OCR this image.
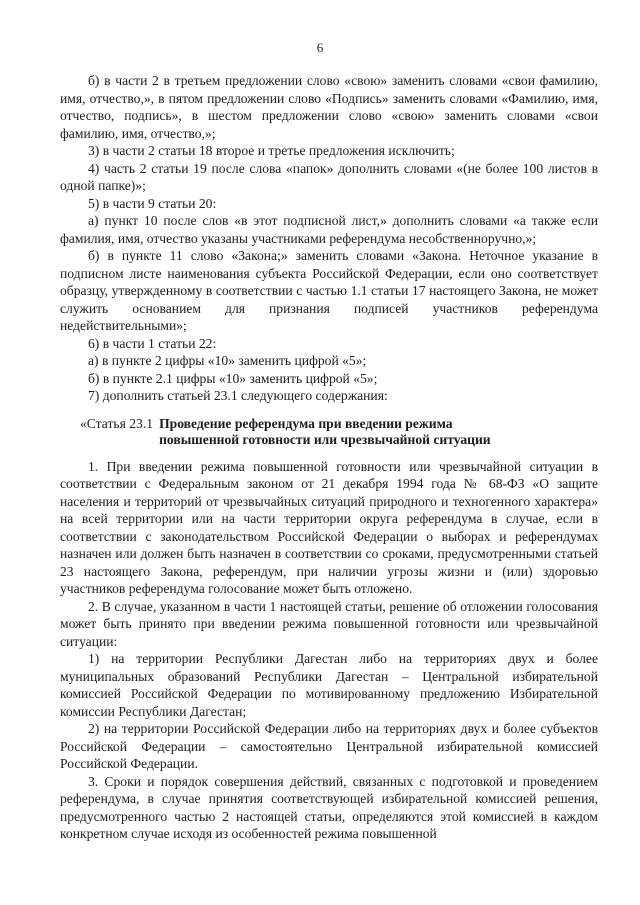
6

б) в части 2 в третьем предложении слово «свою» заменить словами «свои фамилию, имя, отчество,», в пятом предложении слово «Подпись» заменить словами «Фамилию, имя, отчество, подпись», в шестом предложении слово «свою» заменить словами «свои фамилию, имя, отчество,»;

3) в части 2 статьи 18 второе и третье предложения исключить;

4) часть 2 статьи 19 после слова «папок» дополнить словами «(не более 100 листов в одной папке)»;

5) в части 9 статьи 20:

а) пункт 10 после слов «в этот подписной лист,» дополнить словами «а также если фамилия, имя, отчество указаны участниками референдума несобственноручно,»;

б) в пункте 11 слово «Закона;» заменить словами «Закона. Неточное указание в подписном листе наименования субъекта Российской Федерации, если оно соответствует образцу, утвержденному в соответствии с частью 1.1 статьи 17 настоящего Закона, не может служить основанием для признания подписей участников референдума недействительными»;

6) в части 1 статьи 22:

а) в пункте 2 цифры «10» заменить цифрой «5»;

б) в пункте 2.1 цифры «10» заменить цифрой «5»;

7) дополнить статьей 23.1 следующего содержания:

«Статья 23.1 Проведение референдума при введении режима
повышенной готовности или чрезвычайной ситуации

1. При введении режима повышенной готовности или чрезвычайной ситуации в соответствии с Федеральным законом от 21 декабря 1994 года № 68-ФЗ «О защите населения и территорий от чрезвычайных ситуаций природного и техногенного характера» на всей территории или на части территории округа референдума в случае, если в соответствии с законодательством Российской Федерации о выборах и референдумах назначен или должен быть назначен в соответствии со сроками, предусмотренными статьей 23 настоящего Закона, референдум, при наличии угрозы жизни и (или) здоровью участников референдума голосование может быть отложено.

2. В случае, указанном в части 1 настоящей статьи, решение об отложении голосования может быть принято при введении режима повышенной готовности или чрезвычайной ситуации:

1) на территории Республики Дагестан либо на территориях двух и более муниципальных образований Республики Дагестан – Центральной избирательной комиссией Российской Федерации по мотивированному предложению Избирательной комиссии Республики Дагестан;

2) на территории Российской Федерации либо на территориях двух и более субъектов Российской Федерации – самостоятельно Центральной избирательной комиссией Российской Федерации.

3. Сроки и порядок совершения действий, связанных с подготовкой и проведением референдума, в случае принятия соответствующей избирательной комиссией решения, предусмотренного частью 2 настоящей статьи, определяются этой комиссией в каждом конкретном случае исходя из особенностей режима повышенной
